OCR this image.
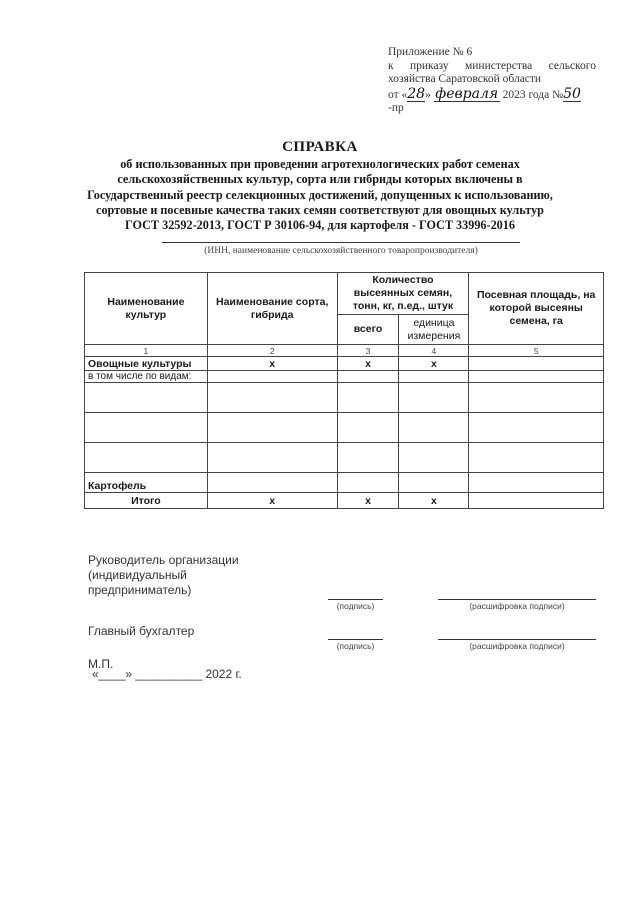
Приложение № 6
к приказу министерства сельского
хозяйства Саратовской области
от «28» февраля 2023 года №50-пр
СПРАВКА
об использованных при проведении агротехнологических работ семенах сельскохозяйственных культур, сорта или гибриды которых включены в Государственный реестр селекционных достижений, допущенных к использованию, сортовые и посевные качества таких семян соответствуют для овощных культур ГОСТ 32592-2013, ГОСТ Р 30106-94, для картофеля - ГОСТ 33996-2016
(ИНН, наименование сельскохозяйственного товаропроизводителя)
Наименование культур	Наименование сорта, гибрида	Количество высеянных семян, тонн, кг, п.ед., штук		Посевная площадь, на которой высеяны семена, га
		всего	единица измерения	
1	2	3	4	5
Овощные культуры	х	х	х	
в том числе по видам:				

Картофель				
Итого	х	х	х	
Руководитель организации (индивидуальный предприниматель)
(подпись)	(расшифровка подписи)
Главный бухгалтер
(подпись)	(расшифровка подписи)
М.П.
«____» __________ 2022 г.
